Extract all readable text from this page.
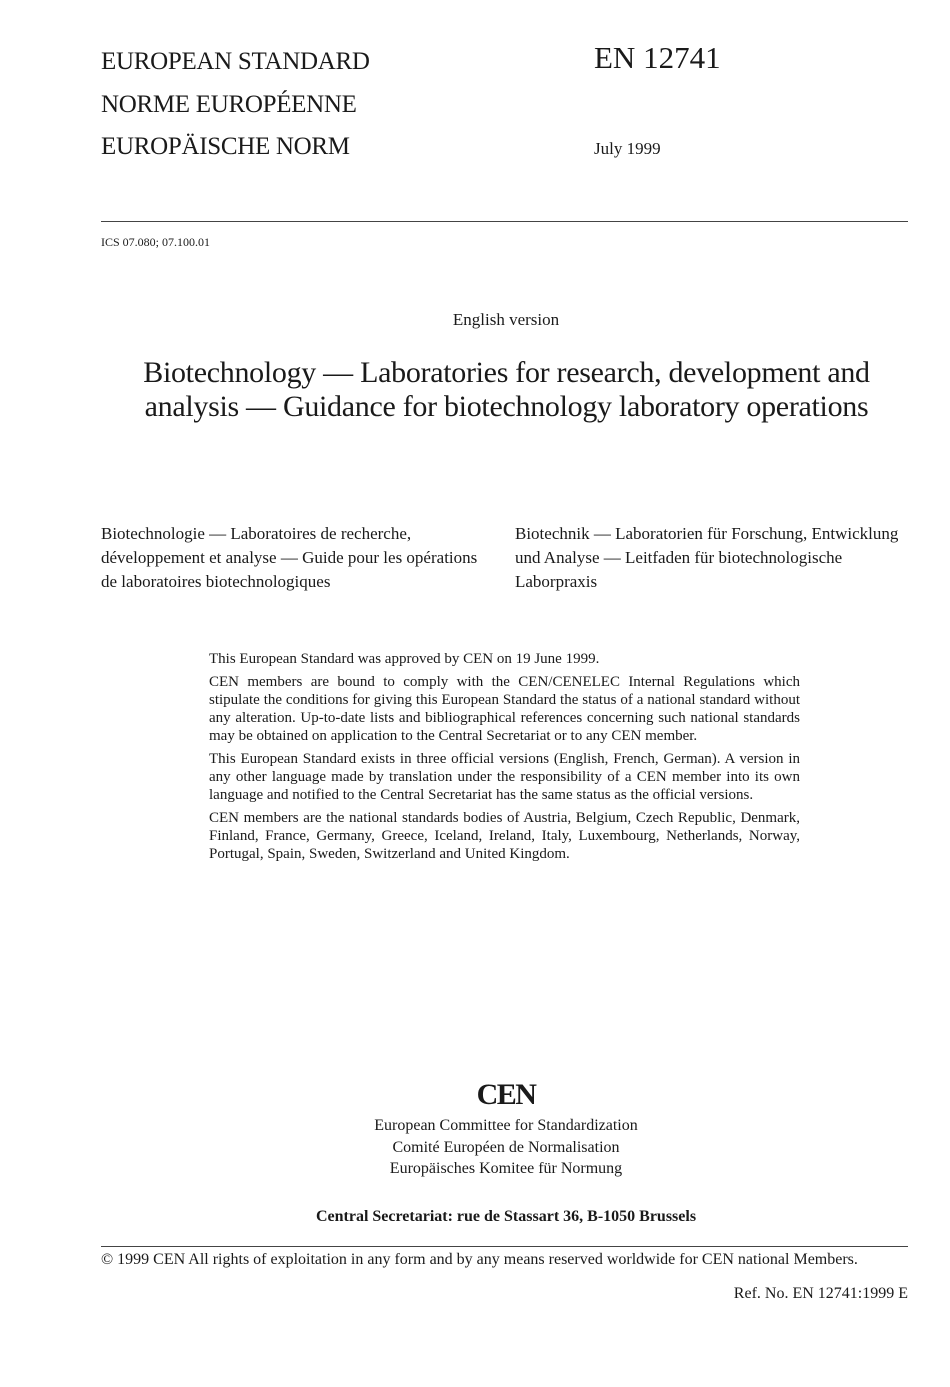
EUROPEAN STANDARD
NORME EUROPÉENNE
EUROPÄISCHE NORM
EN 12741
July 1999
ICS 07.080; 07.100.01
English version
Biotechnology — Laboratories for research, development and analysis — Guidance for biotechnology laboratory operations
Biotechnologie — Laboratoires de recherche, développement et analyse — Guide pour les opérations de laboratoires biotechnologiques
Biotechnik — Laboratorien für Forschung, Entwicklung und Analyse — Leitfaden für biotechnologische Laborpraxis

This European Standard was approved by CEN on 19 June 1999.

CEN members are bound to comply with the CEN/CENELEC Internal Regulations which stipulate the conditions for giving this European Standard the status of a national standard without any alteration. Up-to-date lists and bibliographical references concerning such national standards may be obtained on application to the Central Secretariat or to any CEN member.

This European Standard exists in three official versions (English, French, German). A version in any other language made by translation under the responsibility of a CEN member into its own language and notified to the Central Secretariat has the same status as the official versions.

CEN members are the national standards bodies of Austria, Belgium, Czech Republic, Denmark, Finland, France, Germany, Greece, Iceland, Ireland, Italy, Luxembourg, Netherlands, Norway, Portugal, Spain, Sweden, Switzerland and United Kingdom.

CEN
European Committee for Standardization
Comité Européen de Normalisation
Europäisches Komitee für Normung
Central Secretariat: rue de Stassart 36, B-1050 Brussels
© 1999 CEN All rights of exploitation in any form and by any means reserved worldwide for CEN national Members.
Ref. No. EN 12741:1999 E
